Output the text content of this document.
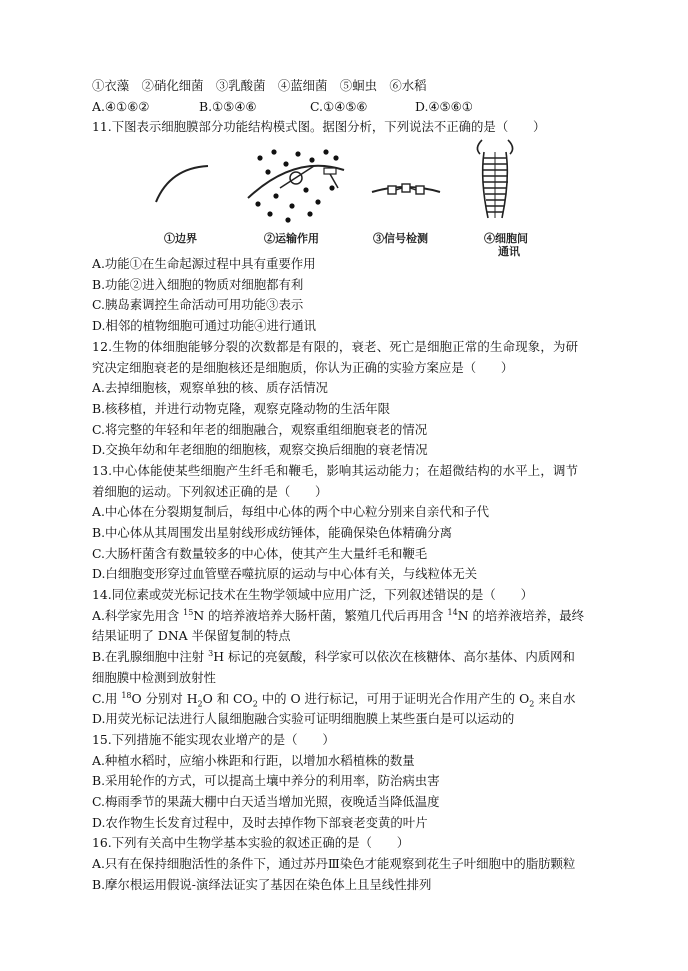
①衣藻　②硝化细菌　③乳酸菌　④蓝细菌　⑤蛔虫　⑥水稻
A.④①⑥②	B.①⑤④⑥	C.①④⑤⑥	D.④⑤⑥①
11.下图表示细胞膜部分功能结构模式图。据图分析，下列说法不正确的是（　　）
①边界	②运输作用	③信号检测	④细胞间
通讯
A.功能①在生命起源过程中具有重要作用
B.功能②进入细胞的物质对细胞都有利
C.胰岛素调控生命活动可用功能③表示
D.相邻的植物细胞可通过功能④进行通讯
12.生物的体细胞能够分裂的次数都是有限的，衰老、死亡是细胞正常的生命现象，为研
究决定细胞衰老的是细胞核还是细胞质，你认为正确的实验方案应是（　　）
A.去掉细胞核，观察单独的核、质存活情况
B.核移植，并进行动物克隆，观察克隆动物的生活年限
C.将完整的年轻和年老的细胞融合，观察重组细胞衰老的情况
D.交换年幼和年老细胞的细胞核，观察交换后细胞的衰老情况
13.中心体能使某些细胞产生纤毛和鞭毛，影响其运动能力；在超微结构的水平上，调节
着细胞的运动。下列叙述正确的是（　　）
A.中心体在分裂期复制后，每组中心体的两个中心粒分别来自亲代和子代
B.中心体从其周围发出星射线形成纺锤体，能确保染色体精确分离
C.大肠杆菌含有数量较多的中心体，使其产生大量纤毛和鞭毛
D.白细胞变形穿过血管壁吞噬抗原的运动与中心体有关，与线粒体无关
14.同位素或荧光标记技术在生物学领域中应用广泛，下列叙述错误的是（　　）
A.科学家先用含 $^{15}$N 的培养液培养大肠杆菌，繁殖几代后再用含 $^{14}$N 的培养液培养，最终
结果证明了 DNA 半保留复制的特点
B.在乳腺细胞中注射 $^3$H 标记的亮氨酸，科学家可以依次在核糖体、高尔基体、内质网和
细胞膜中检测到放射性
C.用 $^{18}$O 分别对 $H_2O$ 和 $CO_2$ 中的 O 进行标记，可用于证明光合作用产生的 $O_2$ 来自水
D.用荧光标记法进行人鼠细胞融合实验可证明细胞膜上某些蛋白是可以运动的
15.下列措施不能实现农业增产的是（　　）
A.种植水稻时，应缩小株距和行距，以增加水稻植株的数量
B.采用轮作的方式，可以提高土壤中养分的利用率，防治病虫害
C.梅雨季节的果蔬大棚中白天适当增加光照，夜晚适当降低温度
D.农作物生长发育过程中，及时去掉作物下部衰老变黄的叶片
16.下列有关高中生物学基本实验的叙述正确的是（　　）
A.只有在保持细胞活性的条件下，通过苏丹Ⅲ染色才能观察到花生子叶细胞中的脂肪颗粒
B.摩尔根运用假说-演绎法证实了基因在染色体上且呈线性排列
